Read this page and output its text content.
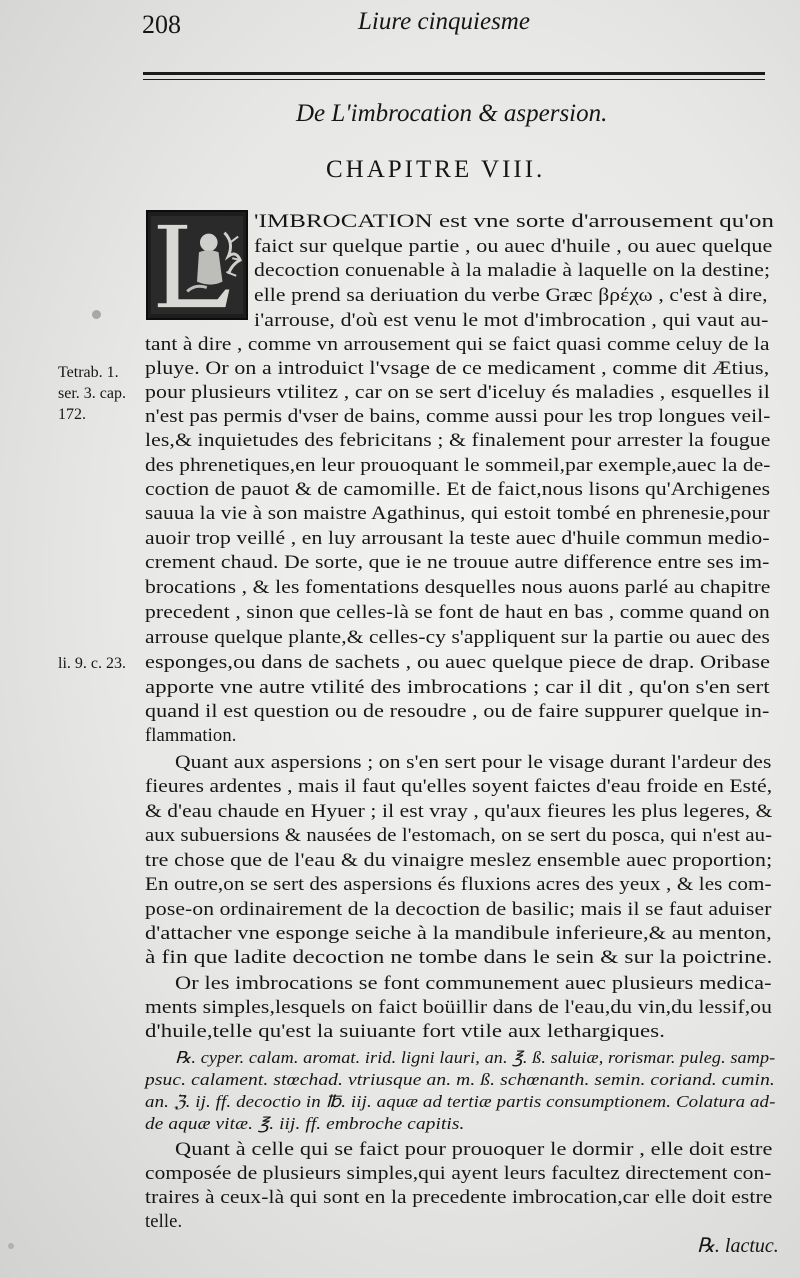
208	Liure cinquiesme
De L'imbrocation & aspersion.
CHAPITRE VIII.
Tetrab. 1.
ser. 3. cap.
172.
li. 9. c. 23.
'IMBROCATION est vne sorte d'arrousement qu'on
faict sur quelque partie , ou auec d'huile , ou auec quelque
decoction conuenable à la maladie à laquelle on la destine;
elle prend sa deriuation du verbe Græc βρέχω , c'est à dire,
i'arrouse, d'où est venu le mot d'imbrocation , qui vaut au-
tant à dire , comme vn arrousement qui se faict quasi comme celuy de la
pluye. Or on a introduict l'vsage de ce medicament , comme dit Ætius,
pour plusieurs vtilitez , car on se sert d'iceluy és maladies , esquelles il
n'est pas permis d'vser de bains, comme aussi pour les trop longues veil-
les,& inquietudes des febricitans ; & finalement pour arrester la fougue
des phrenetiques,en leur prouoquant le sommeil,par exemple,auec la de-
coction de pauot & de camomille. Et de faict,nous lisons qu'Archigenes
sauua la vie à son maistre Agathinus, qui estoit tombé en phrenesie,pour
auoir trop veillé , en luy arrousant la teste auec d'huile commun medio-
crement chaud. De sorte, que ie ne trouue autre difference entre ses im-
brocations , & les fomentations desquelles nous auons parlé au chapitre
precedent , sinon que celles-là se font de haut en bas , comme quand on
arrouse quelque plante,& celles-cy s'appliquent sur la partie ou auec des
esponges,ou dans de sachets , ou auec quelque piece de drap. Oribase
apporte vne autre vtilité des imbrocations ; car il dit , qu'on s'en sert
quand il est question ou de resoudre , ou de faire suppurer quelque in-
flammation.
Quant aux aspersions ; on s'en sert pour le visage durant l'ardeur des
fieures ardentes , mais il faut qu'elles soyent faictes d'eau froide en Esté,
& d'eau chaude en Hyuer ; il est vray , qu'aux fieures les plus legeres, &
aux subuersions & nausées de l'estomach, on se sert du posca, qui n'est au-
tre chose que de l'eau & du vinaigre meslez ensemble auec proportion;
En outre,on se sert des aspersions és fluxions acres des yeux , & les com-
pose-on ordinairement de la decoction de basilic; mais il se faut aduiser
d'attacher vne esponge seiche à la mandibule inferieure,& au menton,
à fin que ladite decoction ne tombe dans le sein & sur la poictrine.
Or les imbrocations se font communement auec plusieurs medica-
ments simples,lesquels on faict boüillir dans de l'eau,du vin,du lessif,ou
d'huile,telle qu'est la suiuante fort vtile aux lethargiques.
℞. cyper. calam. aromat. irid. ligni lauri, an. ℥. ß. saluiæ, rorismar. puleg. samp-
psuc. calament. stœchad. vtriusque an. m. ß. schœnanth. semin. coriand. cumin.
an. ℨ. ij. ff. decoctio in ℔. iij. aquæ ad tertiæ partis consumptionem. Colatura ad-
de aquæ vitæ. ℥. iij. ff. embroche capitis.
Quant à celle qui se faict pour prouoquer le dormir , elle doit estre
composée de plusieurs simples,qui ayent leurs facultez directement con-
traires à ceux-là qui sont en la precedente imbrocation,car elle doit estre
telle.
℞. lactuc.
